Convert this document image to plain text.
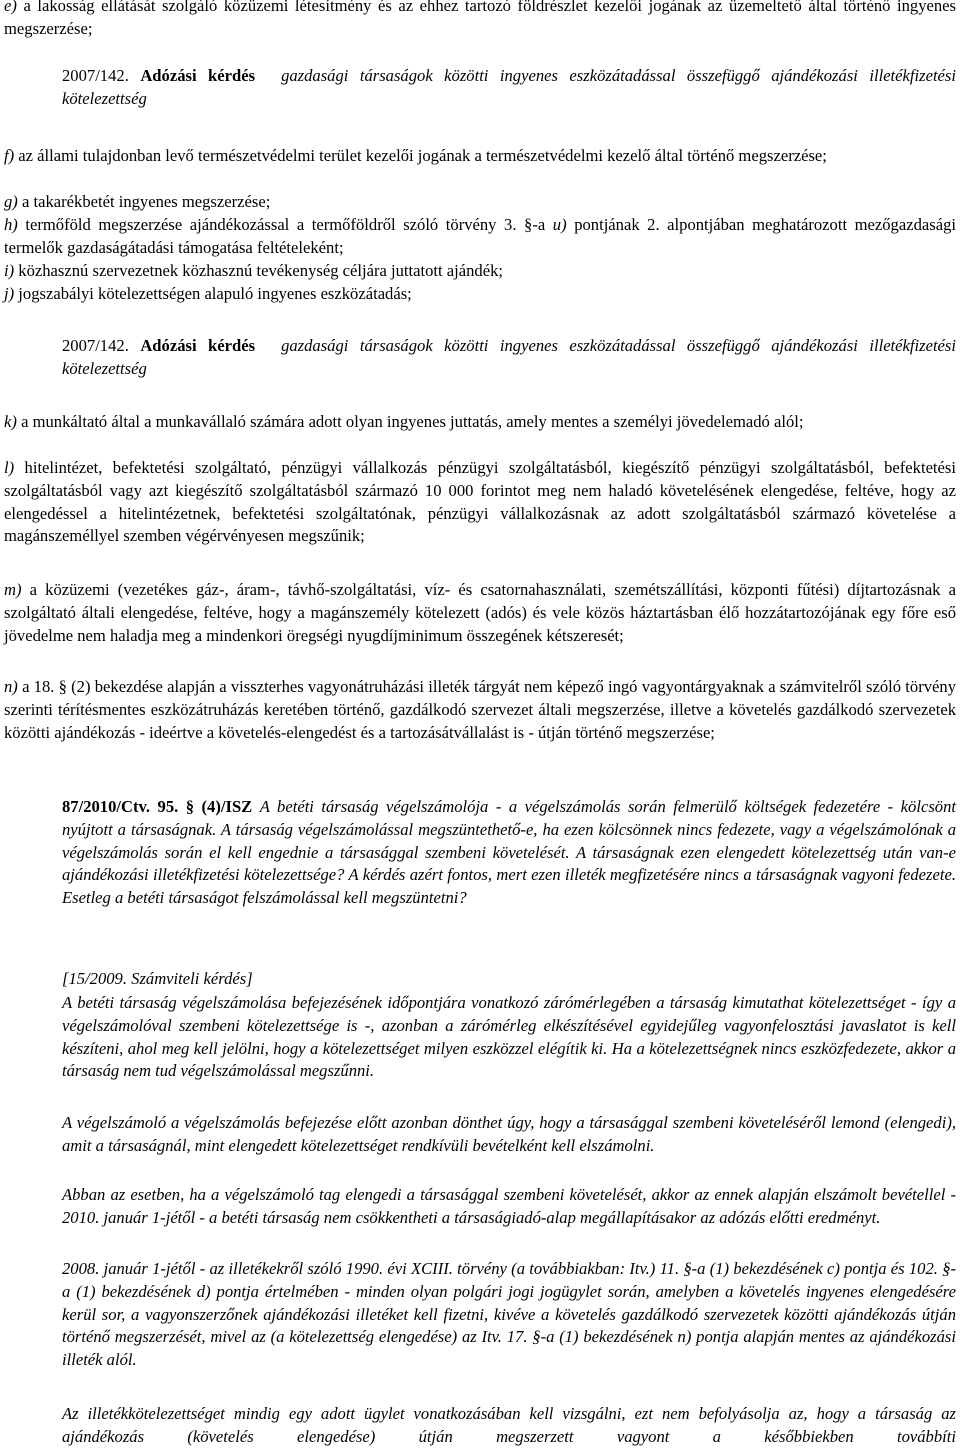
e) a lakosság ellátását szolgáló közüzemi létesítmény és az ehhez tartozó földrészlet kezelői jogának az üzemeltető által történő ingyenes megszerzése;

2007/142. Adózási kérdés gazdasági társaságok közötti ingyenes eszközátadással összefüggő ajándékozási illetékfizetési kötelezettség

f) az állami tulajdonban levő természetvédelmi terület kezelői jogának a természetvédelmi kezelő által történő megszerzése;

g) a takarékbetét ingyenes megszerzése;

h) termőföld megszerzése ajándékozással a termőföldről szóló törvény 3. §-a u) pontjának 2. alpontjában meghatározott mezőgazdasági termelők gazdaságátadási támogatása feltételeként;

i) közhasznú szervezetnek közhasznú tevékenység céljára juttatott ajándék;

j) jogszabályi kötelezettségen alapuló ingyenes eszközátadás;

2007/142. Adózási kérdés gazdasági társaságok közötti ingyenes eszközátadással összefüggő ajándékozási illetékfizetési kötelezettség

k) a munkáltató által a munkavállaló számára adott olyan ingyenes juttatás, amely mentes a személyi jövedelemadó alól;

l) hitelintézet, befektetési szolgáltató, pénzügyi vállalkozás pénzügyi szolgáltatásból, kiegészítő pénzügyi szolgáltatásból, befektetési szolgáltatásból vagy azt kiegészítő szolgáltatásból származó 10 000 forintot meg nem haladó követelésének elengedése, feltéve, hogy az elengedéssel a hitelintézetnek, befektetési szolgáltatónak, pénzügyi vállalkozásnak az adott szolgáltatásból származó követelése a magánszeméllyel szemben végérvényesen megszűnik;

m) a közüzemi (vezetékes gáz-, áram-, távhő-szolgáltatási, víz- és csatornahasználati, szemétszállítási, központi fűtési) díjtartozásnak a szolgáltató általi elengedése, feltéve, hogy a magánszemély kötelezett (adós) és vele közös háztartásban élő hozzátartozójának egy főre eső jövedelme nem haladja meg a mindenkori öregségi nyugdíjminimum összegének kétszeresét;

n) a 18. § (2) bekezdése alapján a visszterhes vagyonátruházási illeték tárgyát nem képező ingó vagyontárgyaknak a számvitelről szóló törvény szerinti térítésmentes eszközátruházás keretében történő, gazdálkodó szervezet általi megszerzése, illetve a követelés gazdálkodó szervezetek közötti ajándékozás - ideértve a követelés-elengedést és a tartozásátvállalást is - útján történő megszerzése;

87/2010/Ctv. 95. § (4)/ISZ A betéti társaság végelszámolója - a végelszámolás során felmerülő költségek fedezetére - kölcsönt nyújtott a társaságnak. A társaság végelszámolással megszüntethető-e, ha ezen kölcsönnek nincs fedezete, vagy a végelszámolónak a végelszámolás során el kell engednie a társasággal szembeni követelését. A társaságnak ezen elengedett kötelezettség után van-e ajándékozási illetékfizetési kötelezettsége? A kérdés azért fontos, mert ezen illeték megfizetésére nincs a társaságnak vagyoni fedezete. Esetleg a betéti társaságot felszámolással kell megszüntetni?

[15/2009. Számviteli kérdés]

A betéti társaság végelszámolása befejezésének időpontjára vonatkozó zárómérlegében a társaság kimutathat kötelezettséget - így a végelszámolóval szembeni kötelezettsége is -, azonban a zárómérleg elkészítésével egyidejűleg vagyonfelosztási javaslatot is kell készíteni, ahol meg kell jelölni, hogy a kötelezettséget milyen eszközzel elégítik ki. Ha a kötelezettségnek nincs eszközfedezete, akkor a társaság nem tud végelszámolással megszűnni.

A végelszámoló a végelszámolás befejezése előtt azonban dönthet úgy, hogy a társasággal szembeni követeléséről lemond (elengedi), amit a társaságnál, mint elengedett kötelezettséget rendkívüli bevételként kell elszámolni.

Abban az esetben, ha a végelszámoló tag elengedi a társasággal szembeni követelését, akkor az ennek alapján elszámolt bevétellel - 2010. január 1-jétől - a betéti társaság nem csökkentheti a társaságiadó-alap megállapításakor az adózás előtti eredményt.

2008. január 1-jétől - az illetékekről szóló 1990. évi XCIII. törvény (a továbbiakban: Itv.) 11. §-a (1) bekezdésének c) pontja és 102. §-a (1) bekezdésének d) pontja értelmében - minden olyan polgári jogi jogügylet során, amelyben a követelés ingyenes elengedésére kerül sor, a vagyonszerzőnek ajándékozási illetéket kell fizetni, kivéve a követelés gazdálkodó szervezetek közötti ajándékozás útján történő megszerzését, mivel az (a kötelezettség elengedése) az Itv. 17. §-a (1) bekezdésének n) pontja alapján mentes az ajándékozási illeték alól.

Az illetékkötelezettséget mindig egy adott ügylet vonatkozásában kell vizsgálni, ezt nem befolyásolja az, hogy a társaság az ajándékozás (követelés elengedése) útján megszerzett vagyont a későbbiekben továbbíti
